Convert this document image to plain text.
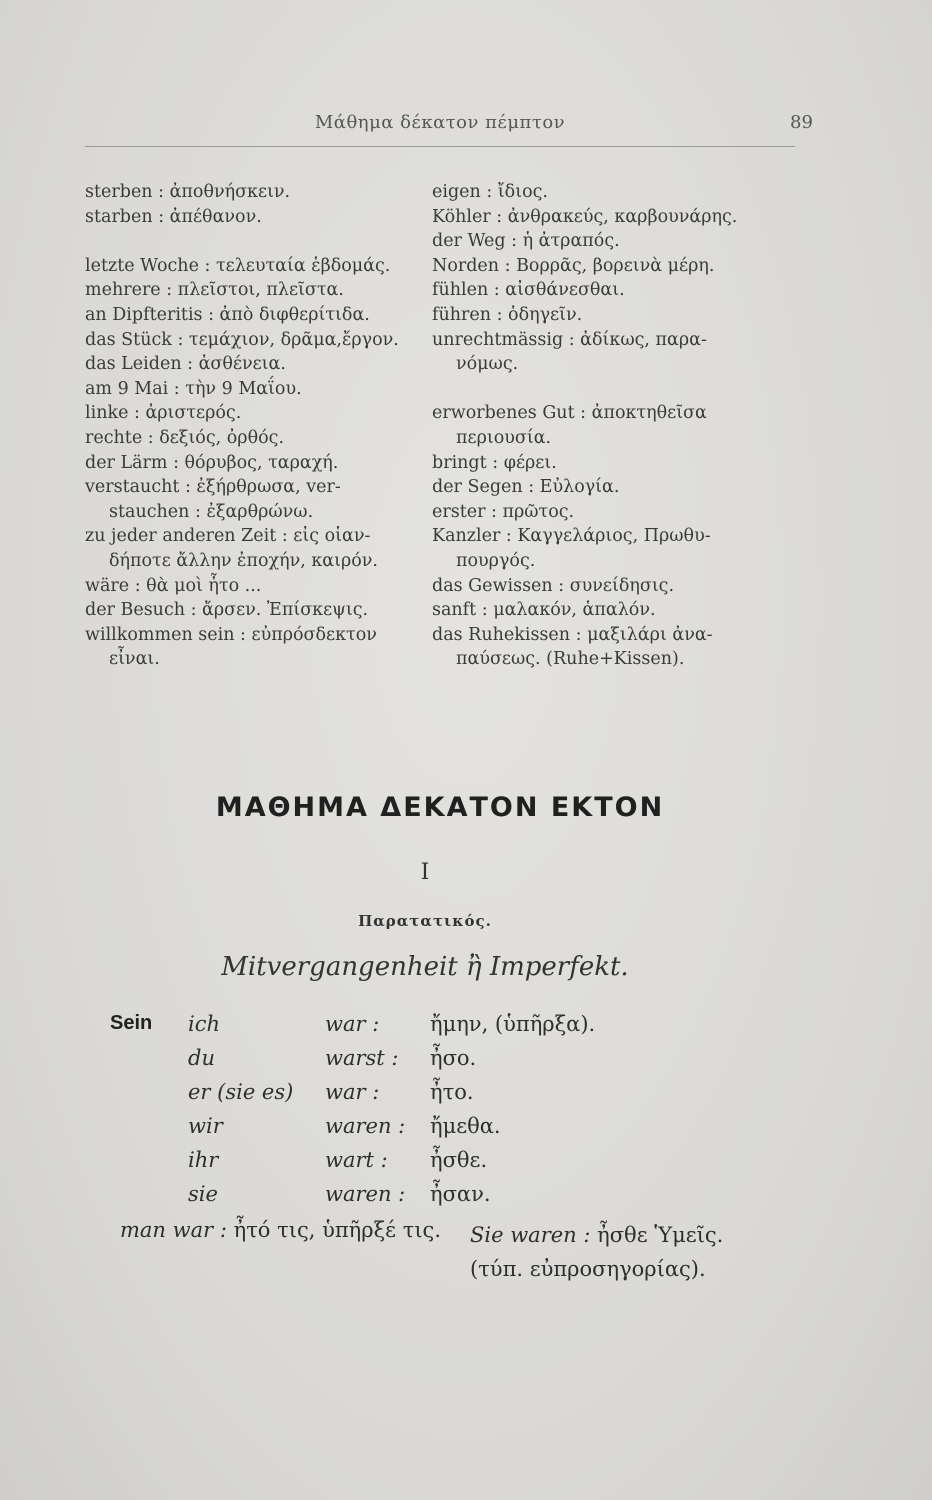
Μάθημα δέκατον πέμπτον	89
sterben : ἀποθνήσκειν.
starben : ἀπέθανον.
letzte Woche : τελευταία ἑβδομάς.
mehrere : πλεῖστοι, πλεῖστα.
an Dipfteritis : ἀπὸ διφθερίτιδα.
das Stück : τεμάχιον, δρᾶμα,ἔργον.
das Leiden : ἀσθένεια.
am 9 Mai : τὴν 9 Μαΐου.
linke : ἀριστερός.
rechte : δεξιός, ὀρθός.
der Lärm : θόρυβος, ταραχή.
verstaucht : ἐξήρθρωσα, ver-
stauchen : ἐξαρθρώνω.
zu jeder anderen Zeit : εἰς οἱαν-
δήποτε ἄλλην ἐποχήν, καιρόν.
wäre : θὰ μοὶ ἦτο ...
der Besuch : ἄρσεν. Ἐπίσκεψις.
willkommen sein : εὐπρόσδεκτον
εἶναι.
eigen : ἴδιος.
Köhler : ἀνθρακεύς, καρβουνάρης.
der Weg : ἡ ἀτραπός.
Norden : Βορρᾶς, βορεινὰ μέρη.
fühlen : αἰσθάνεσθαι.
führen : ὁδηγεῖν.
unrechtmässig : ἀδίκως, παρα-
νόμως.
erworbenes Gut : ἀποκτηθεῖσα
περιουσία.
bringt : φέρει.
der Segen : Εὐλογία.
erster : πρῶτος.
Kanzler : Καγγελάριος, Πρωθυ-
πουργός.
das Gewissen : συνείδησις.
sanft : μαλακόν, ἁπαλόν.
das Ruhekissen : μαξιλάρι ἀνα-
παύσεως. (Ruhe+Kissen).
ΜΑΘΗΜΑ ΔΕΚΑΤΟΝ ΕΚΤΟΝ
I
Παρατατικός.
Mitvergangenheit ἢ Imperfekt.
Sein ich	war : ἤμην, (ὑπῆρξα).
du	warst : ἦσο.
er (sie es) war : ἦτο.
wir	waren : ἤμεθα.
ihr	wart : ἦσθε.
sie	waren : ἦσαν.
man war : ἦτό τις, ὑπῆρξέ τις. Sie waren : ἦσθε Ὑμεῖς.
(τύπ. εὐπροσηγορίας).
